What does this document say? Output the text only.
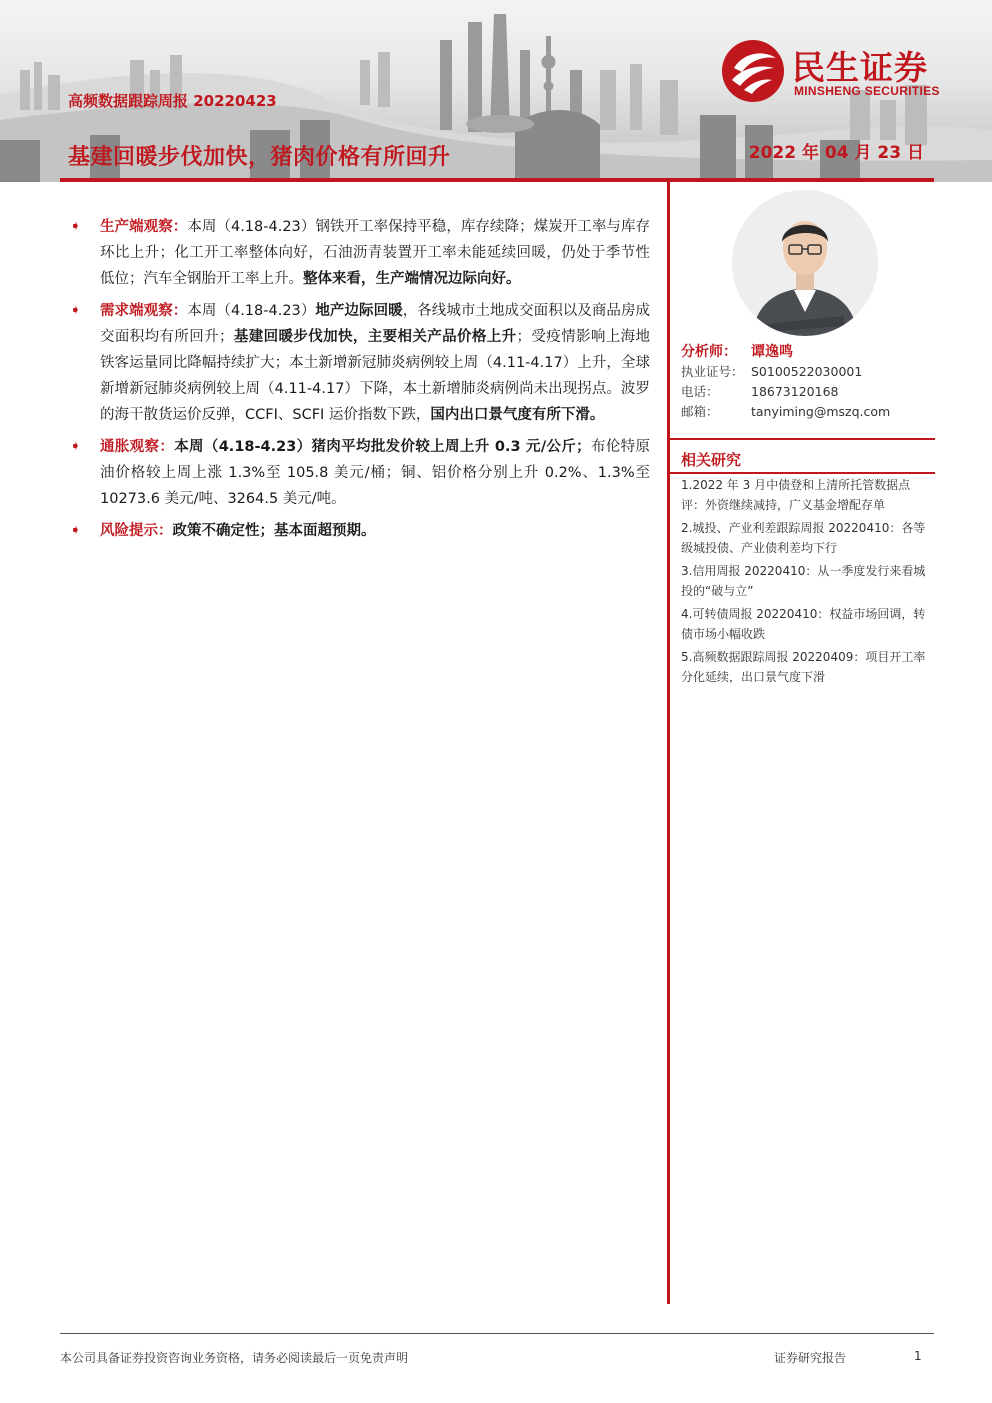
民生证券
MINSHENG SECURITIES
高频数据跟踪周报 20220423
基建回暖步伐加快，猪肉价格有所回升	2022 年 04 月 23 日
➧ 生产端观察：本周（4.18-4.23）钢铁开工率保持平稳，库存续降；煤炭开工率与库存环比上升；化工开工率整体向好，石油沥青装置开工率未能延续回暖，仍处于季节性低位；汽车全钢胎开工率上升。整体来看，生产端情况边际向好。
➧ 需求端观察：本周（4.18-4.23）地产边际回暖，各线城市土地成交面积以及商品房成交面积均有所回升；基建回暖步伐加快，主要相关产品价格上升；受疫情影响上海地铁客运量同比降幅持续扩大；本土新增新冠肺炎病例较上周（4.11-4.17）上升，全球新增新冠肺炎病例较上周（4.11-4.17）下降，本土新增肺炎病例尚未出现拐点。波罗的海干散货运价反弹，CCFI、SCFI 运价指数下跌，国内出口景气度有所下滑。
➧ 通胀观察：本周（4.18-4.23）猪肉平均批发价较上周上升 0.3 元/公斤；布伦特原油价格较上周上涨 1.3%至 105.8 美元/桶；铜、铝价格分别上升 0.2%、1.3%至 10273.6 美元/吨、3264.5 美元/吨。
➧ 风险提示：政策不确定性；基本面超预期。
分析师：	谭逸鸣
执业证号： S0100522030001
电话：	18673120168
邮箱：	tanyiming@mszq.com
相关研究
1.2022 年 3 月中债登和上清所托管数据点评：外资继续减持，广义基金增配存单
2.城投、产业利差跟踪周报 20220410：各等级城投债、产业债利差均下行
3.信用周报 20220410：从一季度发行来看城投的“破与立”
4.可转债周报 20220410：权益市场回调，转债市场小幅收跌
5.高频数据跟踪周报 20220409：项目开工率分化延续，出口景气度下滑
本公司具备证券投资咨询业务资格，请务必阅读最后一页免责声明	证券研究报告	1
